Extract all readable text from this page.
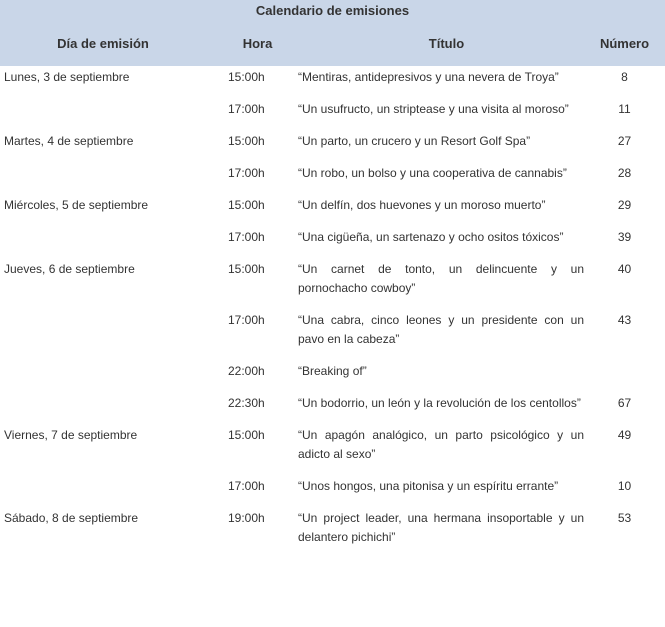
Calendario de emisiones
Día de emisión	Hora	Título	Número
Lunes, 3 de septiembre	15:00h	“Mentiras, antidepresivos y una nevera de Troya”	8
	17:00h	“Un usufructo, un striptease y una visita al moroso”	11
Martes, 4 de septiembre	15:00h	“Un parto, un crucero y un Resort Golf Spa”	27
	17:00h	“Un robo, un bolso y una cooperativa de cannabis”	28
Miércoles, 5 de septiembre	15:00h	“Un delfín, dos huevones y un moroso muerto”	29
	17:00h	“Una cigüeña, un sartenazo y ocho ositos tóxicos”	39
Jueves, 6 de septiembre	15:00h	“Un carnet de tonto, un delincuente y un pornochacho cowboy”	40
	17:00h	“Una cabra, cinco leones y un presidente con un pavo en la cabeza”	43
	22:00h	“Breaking of”	
	22:30h	“Un bodorrio, un león y la revolución de los centollos”	67
Viernes, 7 de septiembre	15:00h	“Un apagón analógico, un parto psicológico y un adicto al sexo”	49
	17:00h	“Unos hongos, una pitonisa y un espíritu errante”	10
Sábado, 8 de septiembre	19:00h	“Un project leader, una hermana insoportable y un delantero pichichi”	53
